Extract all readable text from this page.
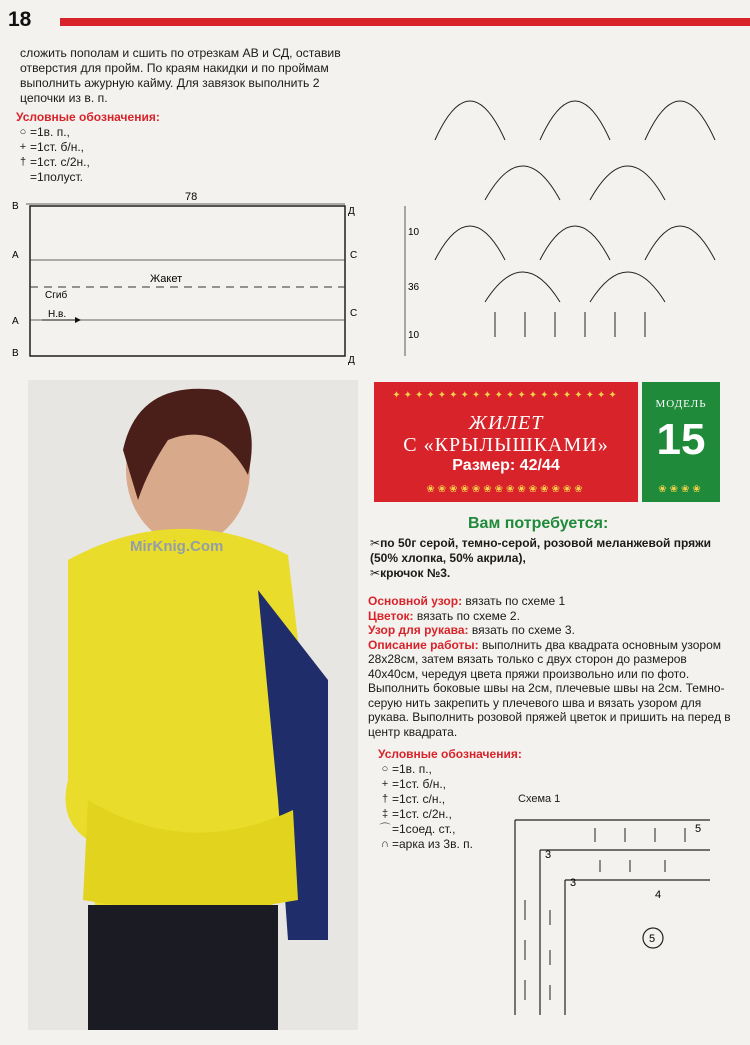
18
сложить пополам и сшить по отрезкам АВ и СД, оставив отверстия для пройм. По краям накидки и по проймам выполнить ажурную кайму. Для завязок выполнить 2 цепочки из в. п.
Условные обозначения:
○ =1в. п.,
+ =1ст. б/н.,
† =1ст. с/2н.,

=1полуст.
78
В
А
А
В
Д
С
С
Д
Жакет
Сгиб
Н.в.
10
36
10
MirKnig.Com
✦✦✦✦✦✦✦✦✦✦✦✦✦✦✦✦✦✦✦✦
❀❀❀❀❀❀❀❀❀❀❀❀❀❀
ЖИЛЕТ
С «КРЫЛЫШКАМИ»
Размер: 42/44
МОДЕЛЬ
15
❀❀❀❀
Вам потребуется:
✂по 50г серой, темно-серой, розовой меланжевой пряжи (50% хлопка, 50% акрила),
✂крючок №3.
Основной узор: вязать по схеме 1
Цветок: вязать по схеме 2.
Узор для рукава: вязать по схеме 3.
Описание работы: выполнить два квадрата основным узором 28х28см, затем вязать только с двух сторон до размеров 40х40см, чередуя цвета пряжи произвольно или по фото. Выполнить боковые швы на 2см, плечевые швы на 2см. Темно-серую нить закрепить у плечевого шва и вязать узором для рукава. Выполнить розовой пряжей цветок и пришить на перед в центр квадрата.
Условные обозначения:
○ =1в. п.,
+ =1ст. б/н.,
† =1ст. с/н.,
‡ =1ст. с/2н.,
⌒ =1соед. ст.,
∩ =арка из 3в. п.
Схема 1
3
5
4
3
5
